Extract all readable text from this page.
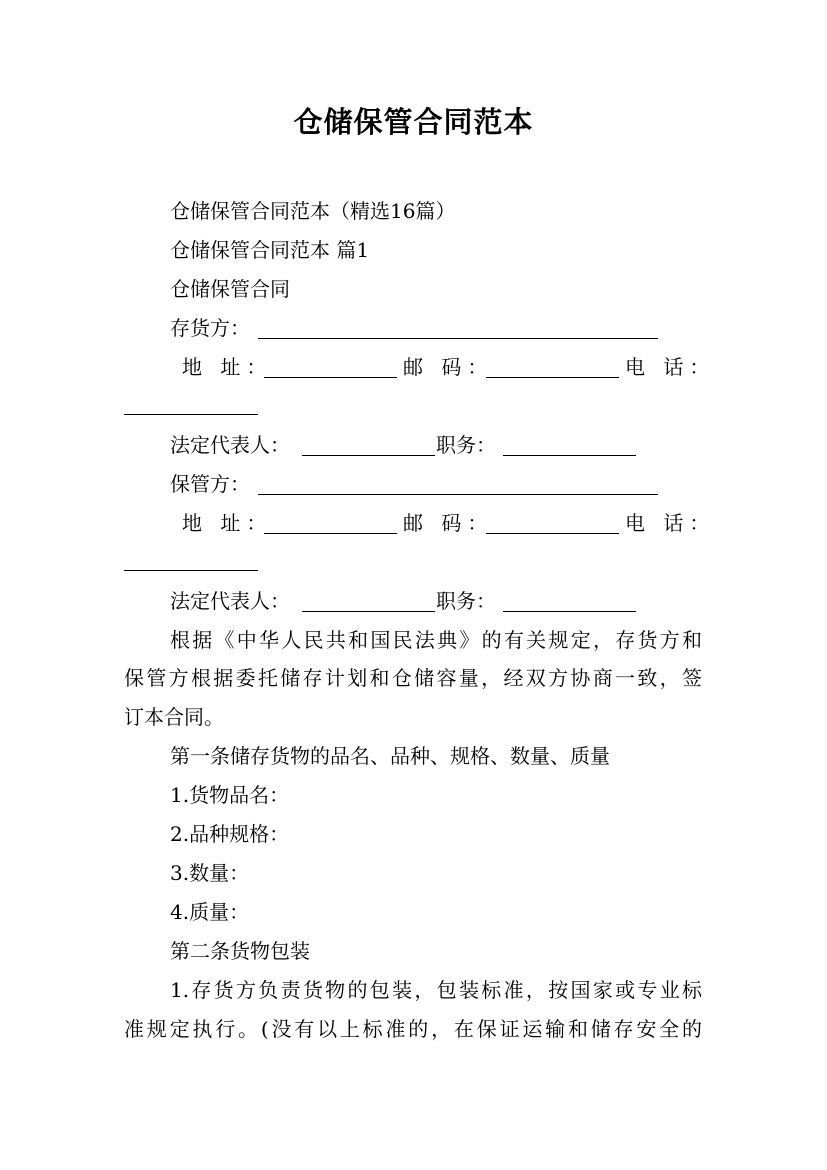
仓储保管合同范本
仓储保管合同范本（精选16篇）
仓储保管合同范本 篇1
仓储保管合同
存货方：
地 址：	邮 码：	电 话：
法定代表人：	职务：
保管方：
地 址：	邮 码：	电 话：
法定代表人：	职务：
根据《中华人民共和国民法典》的有关规定，存货方和
保管方根据委托储存计划和仓储容量，经双方协商一致，签
订本合同。
第一条储存货物的品名、品种、规格、数量、质量
1.货物品名：
2.品种规格：
3.数量：
4.质量：
第二条货物包装
1.存货方负责货物的包装，包装标准，按国家或专业标
准规定执行。(没有以上标准的，在保证运输和储存安全的
